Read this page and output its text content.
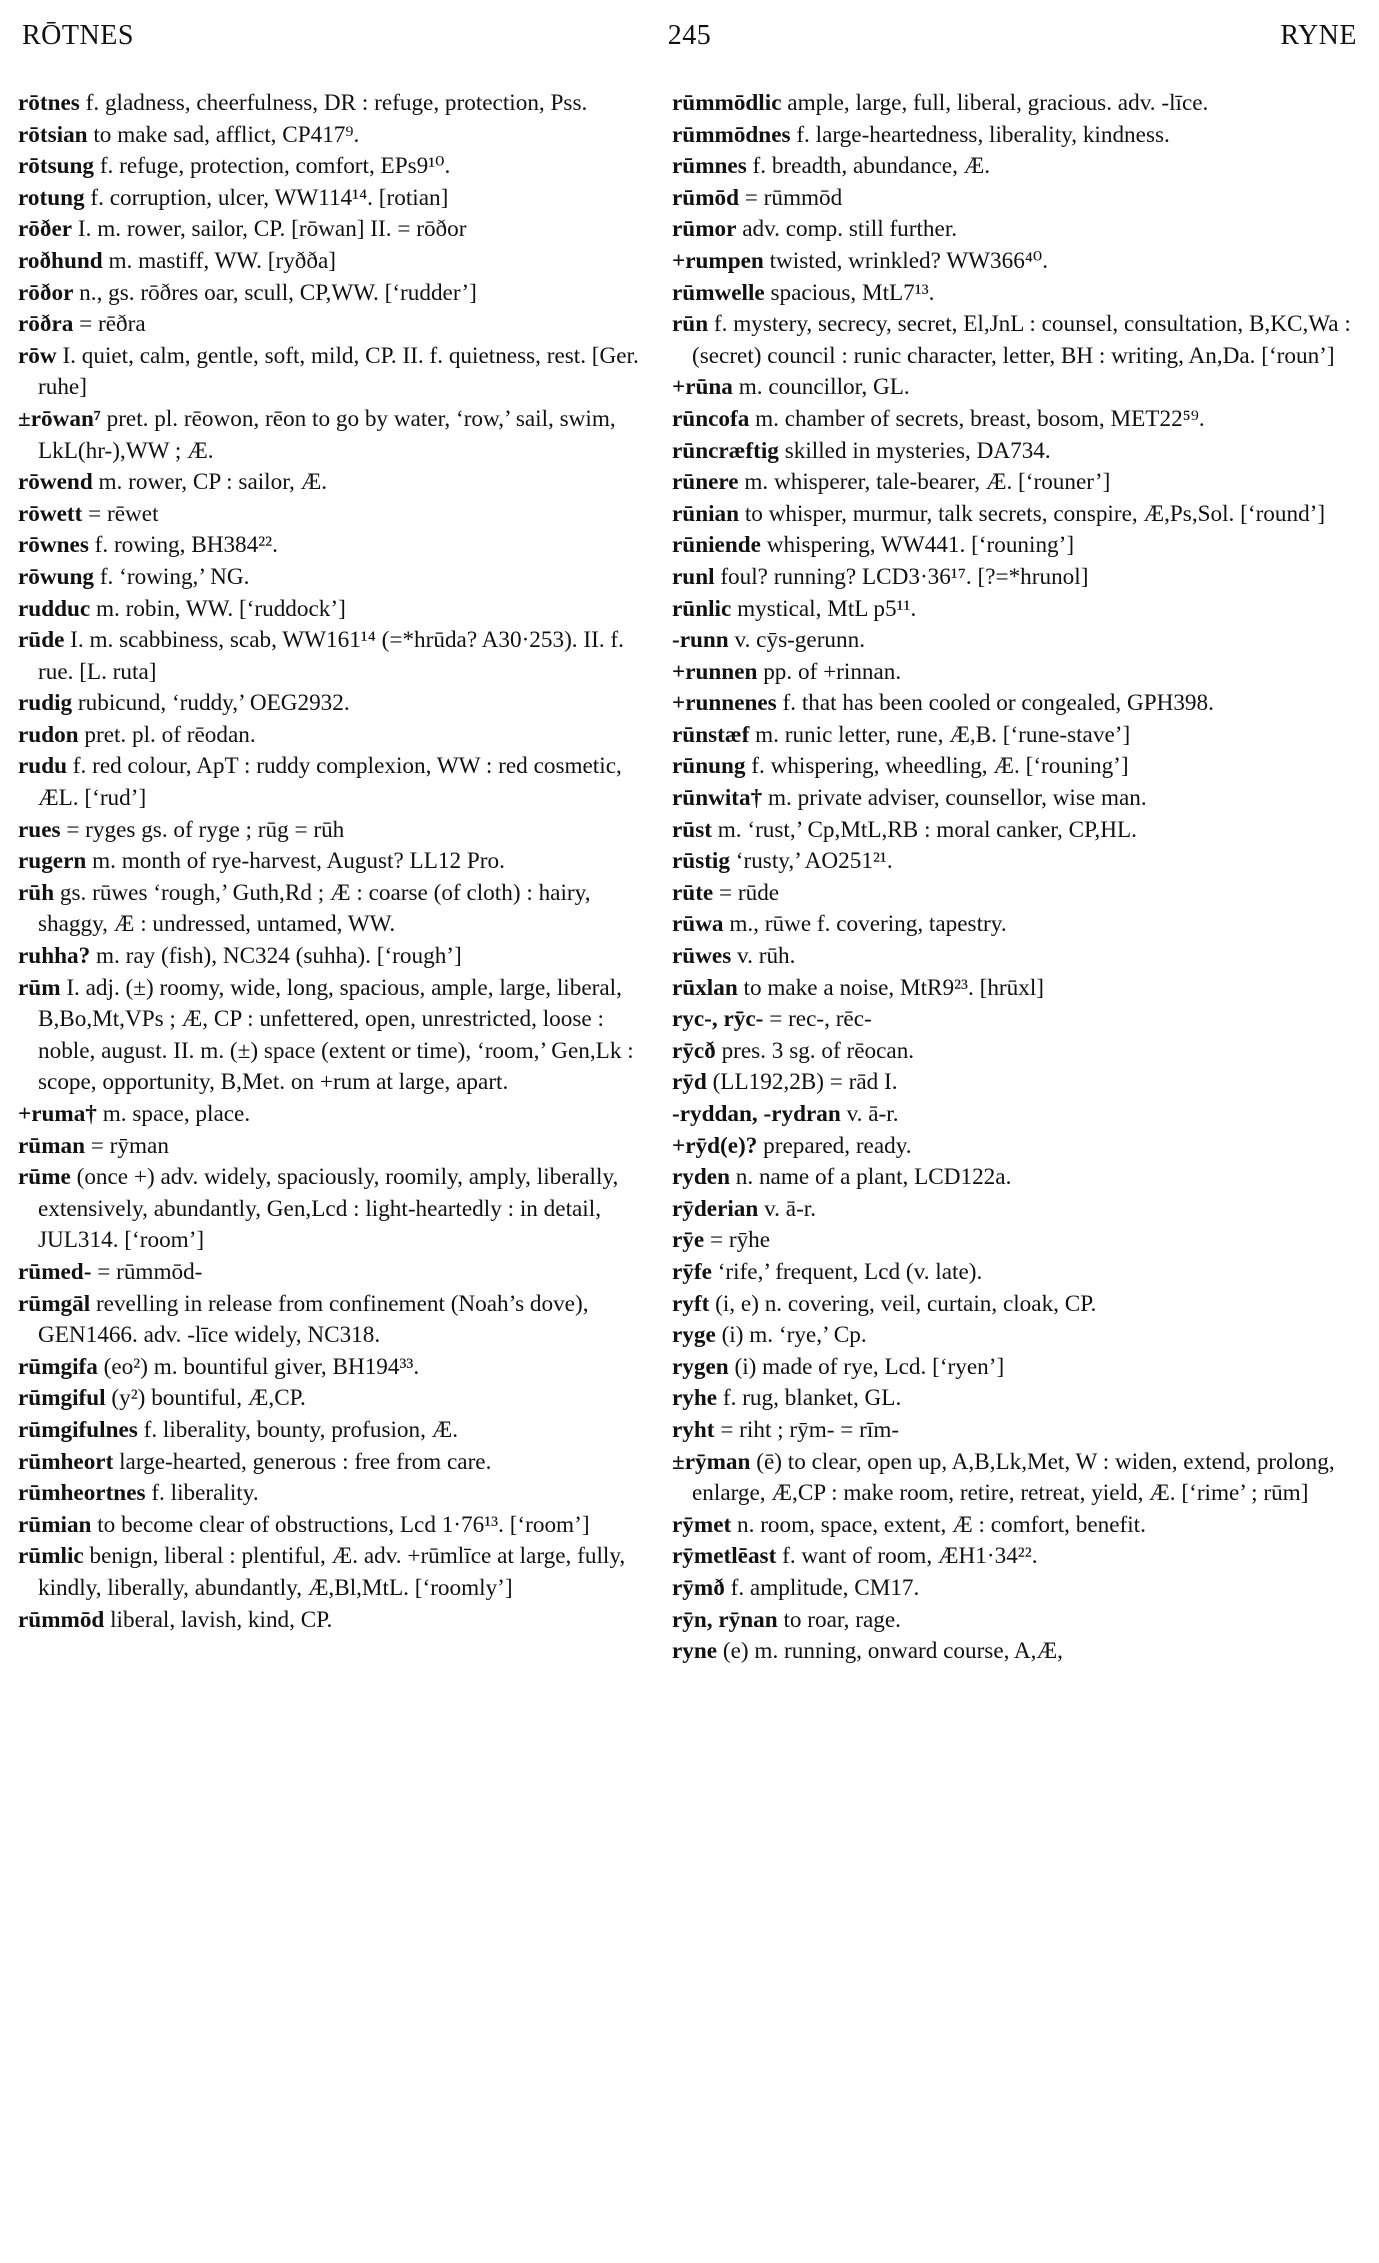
RŌTNES	245	RYNE

rōtnes f. gladness, cheerfulness, DR : refuge, protection, Pss.

rōtsian to make sad, afflict, CP417⁹.

rōtsung f. refuge, protection, comfort, EPs9¹⁰.

rotung f. corruption, ulcer, WW114¹⁴. [rotian]

rōðer I. m. rower, sailor, CP. [rōwan] II. = rōðor

roðhund m. mastiff, WW. [ryðða]

rōðor n., gs. rōðres oar, scull, CP,WW. [‘rudder’]

rōðra = rēðra

rōw I. quiet, calm, gentle, soft, mild, CP. II. f. quietness, rest. [Ger. ruhe]

±rōwan⁷ pret. pl. rēowon, rēon to go by water, ‘row,’ sail, swim, LkL(hr-),WW ; Æ.

rōwend m. rower, CP : sailor, Æ.

rōwett = rēwet

rōwnes f. rowing, BH384²².

rōwung f. ‘rowing,’ NG.

rudduc m. robin, WW. [‘ruddock’]

rūde I. m. scabbiness, scab, WW161¹⁴ (=*hrūda? A30·253). II. f. rue. [L. ruta]

rudig rubicund, ‘ruddy,’ OEG2932.

rudon pret. pl. of rēodan.

rudu f. red colour, ApT : ruddy complexion, WW : red cosmetic, ÆL. [‘rud’]

rues = ryges gs. of ryge ; rūg = rūh

rugern m. month of rye-harvest, August? LL12 Pro.

rūh gs. rūwes ‘rough,’ Guth,Rd ; Æ : coarse (of cloth) : hairy, shaggy, Æ : undressed, untamed, WW.

ruhha? m. ray (fish), NC324 (suhha). [‘rough’]

rūm I. adj. (±) roomy, wide, long, spacious, ample, large, liberal, B,Bo,Mt,VPs ; Æ, CP : unfettered, open, unrestricted, loose : noble, august. II. m. (±) space (extent or time), ‘room,’ Gen,Lk : scope, opportunity, B,Met. on +rum at large, apart.

+ruma† m. space, place.

rūman = rȳman

rūme (once +) adv. widely, spaciously, roomily, amply, liberally, extensively, abundantly, Gen,Lcd : light-heartedly : in detail, JUL314. [‘room’]

rūmed- = rūmmōd-

rūmgāl revelling in release from confinement (Noah’s dove), GEN1466. adv. -līce widely, NC318.

rūmgifa (eo²) m. bountiful giver, BH194³³.

rūmgiful (y²) bountiful, Æ,CP.

rūmgifulnes f. liberality, bounty, profusion, Æ.

rūmheort large-hearted, generous : free from care.

rūmheortnes f. liberality.

rūmian to become clear of obstructions, Lcd 1·76¹³. [‘room’]

rūmlic benign, liberal : plentiful, Æ. adv. +rūmlīce at large, fully, kindly, liberally, abundantly, Æ,Bl,MtL. [‘roomly’]

rūmmōd liberal, lavish, kind, CP.

rūmmōdlic ample, large, full, liberal, gracious. adv. -līce.

rūmmōdnes f. large-heartedness, liberality, kindness.

rūmnes f. breadth, abundance, Æ.

rūmōd = rūmmōd

rūmor adv. comp. still further.

+rumpen twisted, wrinkled? WW366⁴⁰.

rūmwelle spacious, MtL7¹³.

rūn f. mystery, secrecy, secret, El,JnL : counsel, consultation, B,KC,Wa : (secret) council : runic character, letter, BH : writing, An,Da. [‘roun’]

+rūna m. councillor, GL.

rūncofa m. chamber of secrets, breast, bosom, MET22⁵⁹.

rūncræftig skilled in mysteries, DA734.

rūnere m. whisperer, tale-bearer, Æ. [‘rouner’]

rūnian to whisper, murmur, talk secrets, conspire, Æ,Ps,Sol. [‘round’]

rūniende whispering, WW441. [‘rouning’]

runl foul? running? LCD3·36¹⁷. [?=*hrunol]

rūnlic mystical, MtL p5¹¹.

-runn v. cȳs-gerunn.

+runnen pp. of +rinnan.

+runnenes f. that has been cooled or congealed, GPH398.

rūnstæf m. runic letter, rune, Æ,B. [‘rune-stave’]

rūnung f. whispering, wheedling, Æ. [‘rouning’]

rūnwita† m. private adviser, counsellor, wise man.

rūst m. ‘rust,’ Cp,MtL,RB : moral canker, CP,HL.

rūstig ‘rusty,’ AO251²¹.

rūte = rūde

rūwa m., rūwe f. covering, tapestry.

rūwes v. rūh.

rūxlan to make a noise, MtR9²³. [hrūxl]

ryc-, rȳc- = rec-, rēc-

rȳcð pres. 3 sg. of rēocan.

rȳd (LL192,2B) = rād I.

-ryddan, -rydran v. ā-r.

+rȳd(e)? prepared, ready.

ryden n. name of a plant, LCD122a.

rȳderian v. ā-r.

rȳe = rȳhe

rȳfe ‘rife,’ frequent, Lcd (v. late).

ryft (i, e) n. covering, veil, curtain, cloak, CP.

ryge (i) m. ‘rye,’ Cp.

rygen (i) made of rye, Lcd. [‘ryen’]

ryhe f. rug, blanket, GL.

ryht = riht ; rȳm- = rīm-

±rȳman (ē) to clear, open up, A,B,Lk,Met, W : widen, extend, prolong, enlarge, Æ,CP : make room, retire, retreat, yield, Æ. [‘rime’ ; rūm]

rȳmet n. room, space, extent, Æ : comfort, benefit.

rȳmetlēast f. want of room, ÆH1·34²².

rȳmð f. amplitude, CM17.

rȳn, rȳnan to roar, rage.

ryne (e) m. running, onward course, A,Æ,
